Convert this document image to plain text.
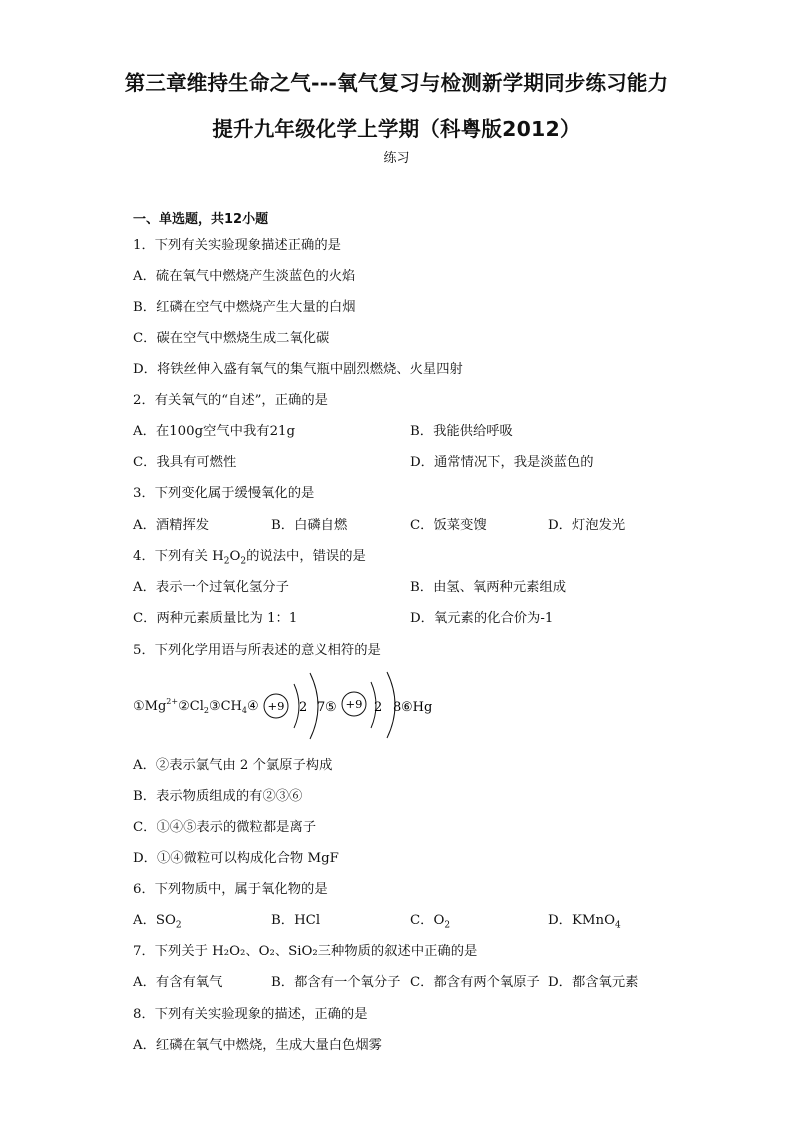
第三章维持生命之气---氧气复习与检测新学期同步练习能力
提升九年级化学上学期（科粤版2012）
练习
一、单选题，共12小题
1．下列有关实验现象描述正确的是
A．硫在氧气中燃烧产生淡蓝色的火焰
B．红磷在空气中燃烧产生大量的白烟
C．碳在空气中燃烧生成二氧化碳
D．将铁丝伸入盛有氧气的集气瓶中剧烈燃烧、火星四射
2．有关氧气的“自述”，正确的是
A．在100g空气中我有21g	B．我能供给呼吸
C．我具有可燃性	D．通常情况下，我是淡蓝色的
3．下列变化属于缓慢氧化的是
A．酒精挥发	B．白磷自燃	C．饭菜变馊	D．灯泡发光
4．下列有关 $H_2O_2$的说法中，错误的是
A．表示一个过氧化氢分子	B．由氢、氧两种元素组成
C．两种元素质量比为 1：1	D．氧元素的化合价为-1
5．下列化学用语与所表述的意义相符的是
$①Mg^{2+}②Cl_2③CH_4④ +9$ 2 7 ⑤ +9 2 8 ⑥Hg
A．②表示氯气由 2 个氯原子构成
B．表示物质组成的有②③⑥
C．①④⑤表示的微粒都是离子
D．①④微粒可以构成化合物 MgF
6．下列物质中，属于氧化物的是
A．$SO_2$	B．HCl	C．$O_2$	D．KMnO$_4$
7．下列关于 H₂O₂、O₂、SiO₂三种物质的叙述中正确的是
A．有含有氧气	B．都含有一个氧分子 C．都含有两个氧原子 D．都含氧元素
8．下列有关实验现象的描述，正确的是
A．红磷在氧气中燃烧，生成大量白色烟雾
